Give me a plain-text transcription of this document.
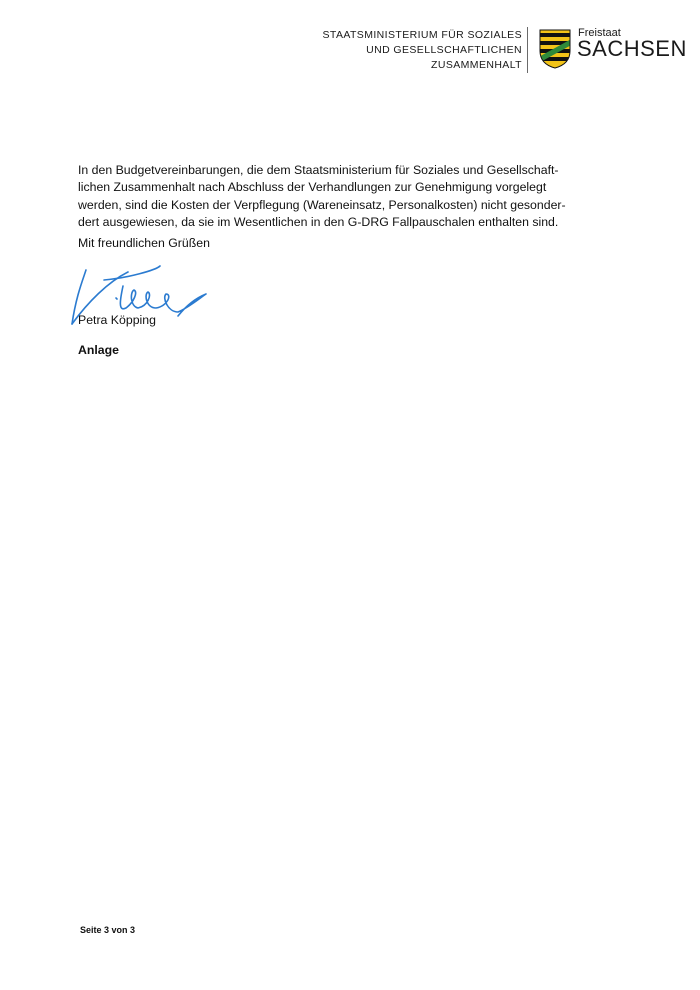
STAATSMINISTERIUM FÜR SOZIALES
UND GESELLSCHAFTLICHEN
ZUSAMMENHALT
Freistaat
SACHSEN
In den Budgetvereinbarungen, die dem Staatsministerium für Soziales und Gesellschaft-
lichen Zusammenhalt nach Abschluss der Verhandlungen zur Genehmigung vorgelegt
werden, sind die Kosten der Verpflegung (Wareneinsatz, Personalkosten) nicht gesonder-
dert ausgewiesen, da sie im Wesentlichen in den G-DRG Fallpauschalen enthalten sind.
Mit freundlichen Grüßen
Petra Köpping
Anlage
Seite 3 von 3
